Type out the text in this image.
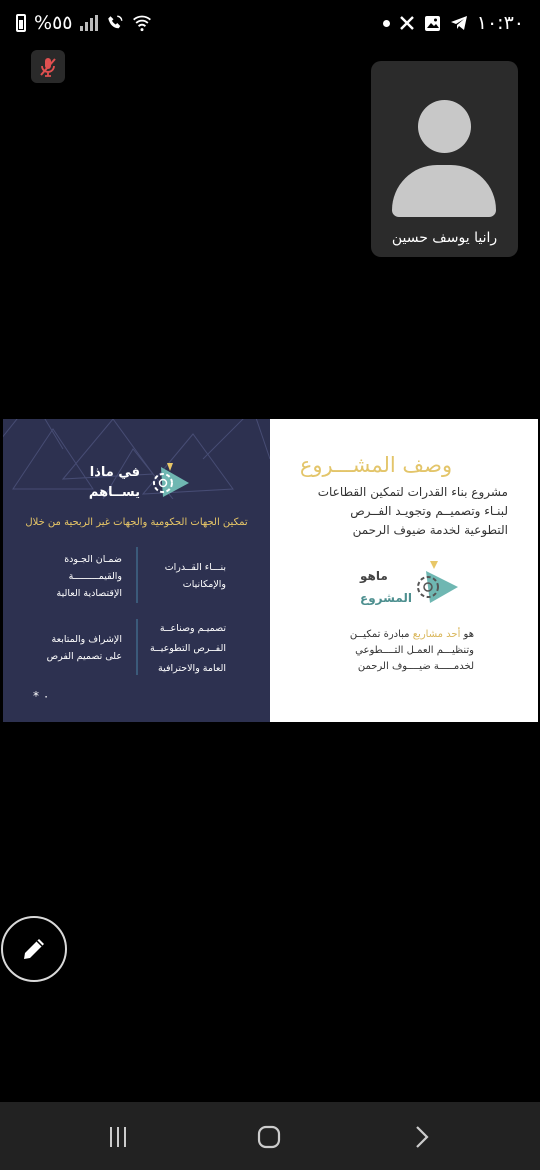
%٥٥	١٠:٣٠
رانيا يوسف حسين
في ماذا
يســاهم
تمكين الجهات الحكومية والجهات غير الربحية من خلال
بنـــاء القــدرات
والإمكانيات
ضمـان الجـودة
والقيمـــــــــة
الإقتصادية العالية
تصميـم وصناعــة
الفــرص التطوعيــة
العامة والاحترافية
الإشراف والمتابعة
على تصميم الفرص
* ٠
وصف المشـــروع
مشروع بناء القدرات لتمكين القطاعات
لبنـاء وتصميــم وتجويـد الفــرص
التطوعية لخدمة ضيوف الرحمن
ماهو
المشروع
هو أحد مشاريع مبادرة تمكيــن
وتنظيـــم العمـل التــــطوعي
لخدمـــــة ضيــــوف الرحمن
